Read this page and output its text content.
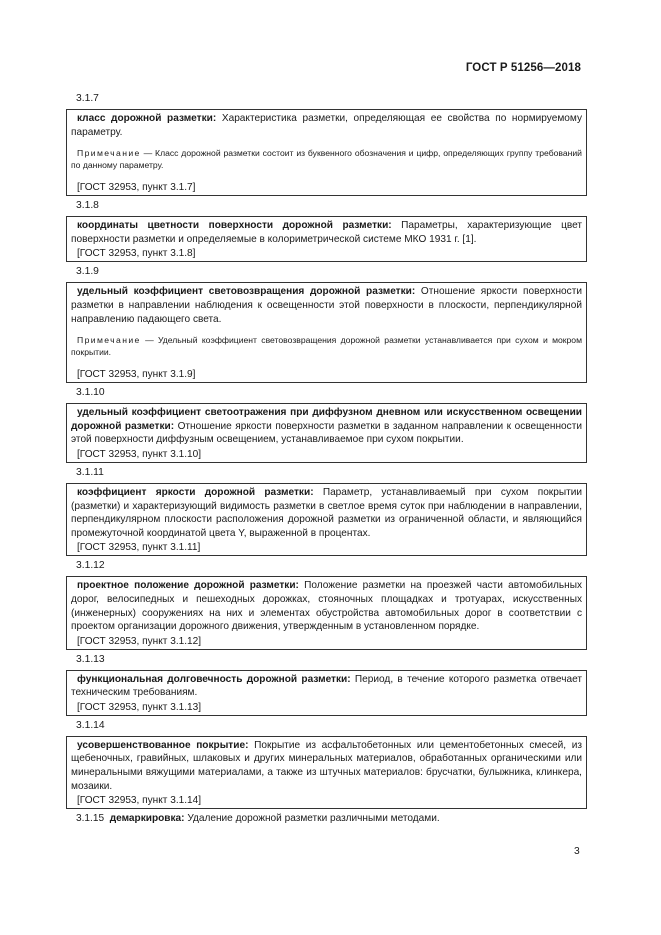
ГОСТ Р 51256—2018
3.1.7
класс дорожной разметки: Характеристика разметки, определяющая ее свойства по нормируемому параметру.
Примечание — Класс дорожной разметки состоит из буквенного обозначения и цифр, определяющих группу требований по данному параметру.
[ГОСТ 32953, пункт 3.1.7]
3.1.8
координаты цветности поверхности дорожной разметки: Параметры, характеризующие цвет поверхности разметки и определяемые в колориметрической системе МКО 1931 г. [1].
[ГОСТ 32953, пункт 3.1.8]
3.1.9
удельный коэффициент световозвращения дорожной разметки: Отношение яркости поверхности разметки в направлении наблюдения к освещенности этой поверхности в плоскости, перпендикулярной направлению падающего света.
Примечание — Удельный коэффициент световозвращения дорожной разметки устанавливается при сухом и мокром покрытии.
[ГОСТ 32953, пункт 3.1.9]
3.1.10
удельный коэффициент светоотражения при диффузном дневном или искусственном освещении дорожной разметки: Отношение яркости поверхности разметки в заданном направлении к освещенности этой поверхности диффузным освещением, устанавливаемое при сухом покрытии.
[ГОСТ 32953, пункт 3.1.10]
3.1.11
коэффициент яркости дорожной разметки: Параметр, устанавливаемый при сухом покрытии (разметки) и характеризующий видимость разметки в светлое время суток при наблюдении в направлении, перпендикулярном плоскости расположения дорожной разметки из ограниченной области, и являющийся промежуточной координатой цвета Y, выраженной в процентах.
[ГОСТ 32953, пункт 3.1.11]
3.1.12
проектное положение дорожной разметки: Положение разметки на проезжей части автомобильных дорог, велосипедных и пешеходных дорожках, стояночных площадках и тротуарах, искусственных (инженерных) сооружениях на них и элементах обустройства автомобильных дорог в соответствии с проектом организации дорожного движения, утвержденным в установленном порядке.
[ГОСТ 32953, пункт 3.1.12]
3.1.13
функциональная долговечность дорожной разметки: Период, в течение которого разметка отвечает техническим требованиям.
[ГОСТ 32953, пункт 3.1.13]
3.1.14
усовершенствованное покрытие: Покрытие из асфальтобетонных или цементобетонных смесей, из щебеночных, гравийных, шлаковых и других минеральных материалов, обработанных органическими или минеральными вяжущими материалами, а также из штучных материалов: брусчатки, булыжника, клинкера, мозаики.
[ГОСТ 32953, пункт 3.1.14]
3.1.15 демаркировка: Удаление дорожной разметки различными методами.
3
